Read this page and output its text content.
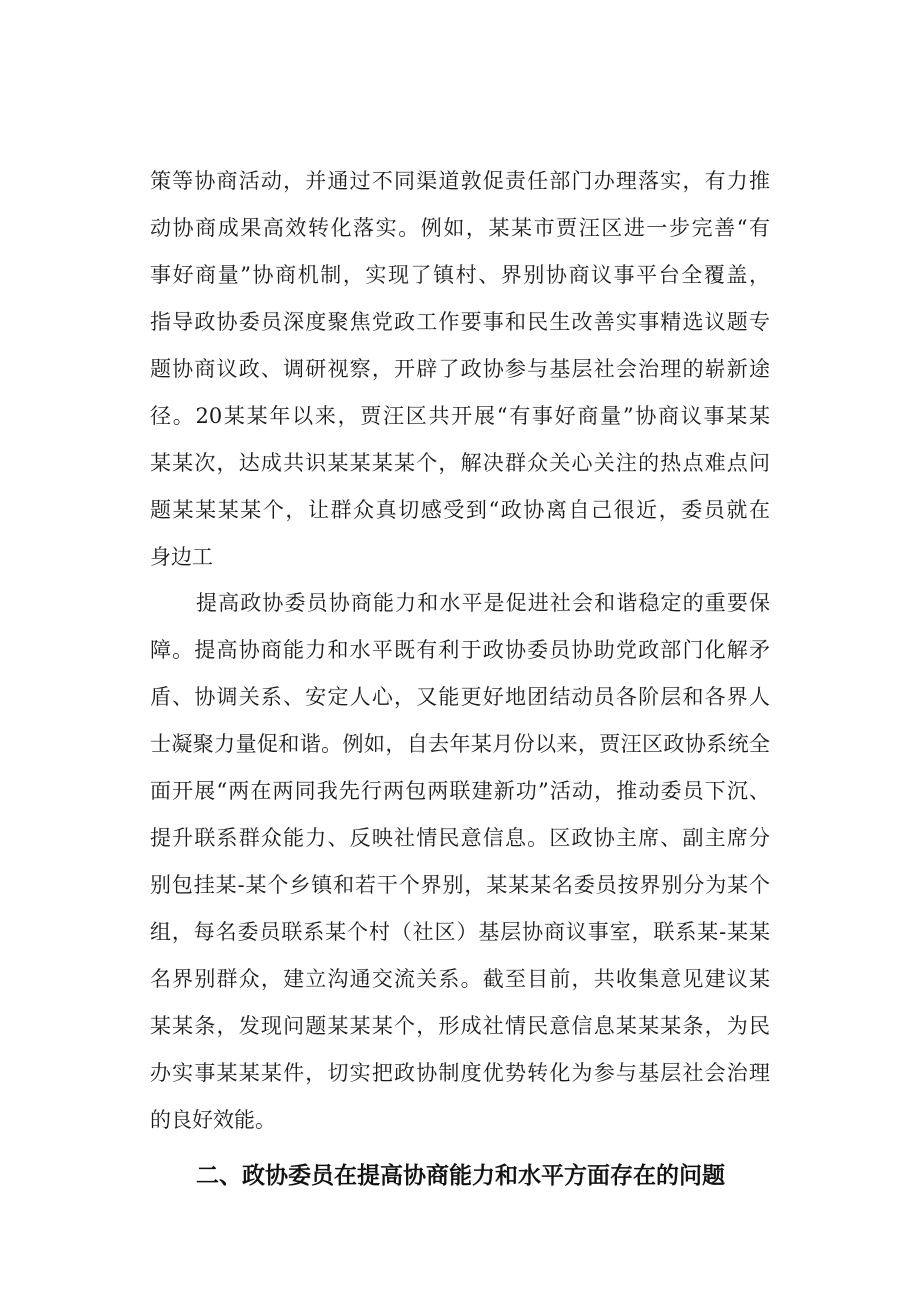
策等协商活动，并通过不同渠道敦促责任部门办理落实，有力推
动协商成果高效转化落实。例如，某某市贾汪区进一步完善“有
事好商量”协商机制，实现了镇村、界别协商议事平台全覆盖，
指导政协委员深度聚焦党政工作要事和民生改善实事精选议题专
题协商议政、调研视察，开辟了政协参与基层社会治理的崭新途
径。20某某年以来，贾汪区共开展“有事好商量”协商议事某某
某某次，达成共识某某某某个，解决群众关心关注的热点难点问
题某某某某个，让群众真切感受到“政协离自己很近，委员就在
身边工
提高政协委员协商能力和水平是促进社会和谐稳定的重要保
障。提高协商能力和水平既有利于政协委员协助党政部门化解矛
盾、协调关系、安定人心，又能更好地团结动员各阶层和各界人
士凝聚力量促和谐。例如，自去年某月份以来，贾汪区政协系统全
面开展“两在两同我先行两包两联建新功”活动，推动委员下沉、
提升联系群众能力、反映社情民意信息。区政协主席、副主席分
别包挂某-某个乡镇和若干个界别，某某某名委员按界别分为某个
组，每名委员联系某个村（社区）基层协商议事室，联系某-某某
名界别群众，建立沟通交流关系。截至目前，共收集意见建议某
某某条，发现问题某某某个，形成社情民意信息某某某条，为民
办实事某某某件，切实把政协制度优势转化为参与基层社会治理
的良好效能。
二、政协委员在提高协商能力和水平方面存在的问题
